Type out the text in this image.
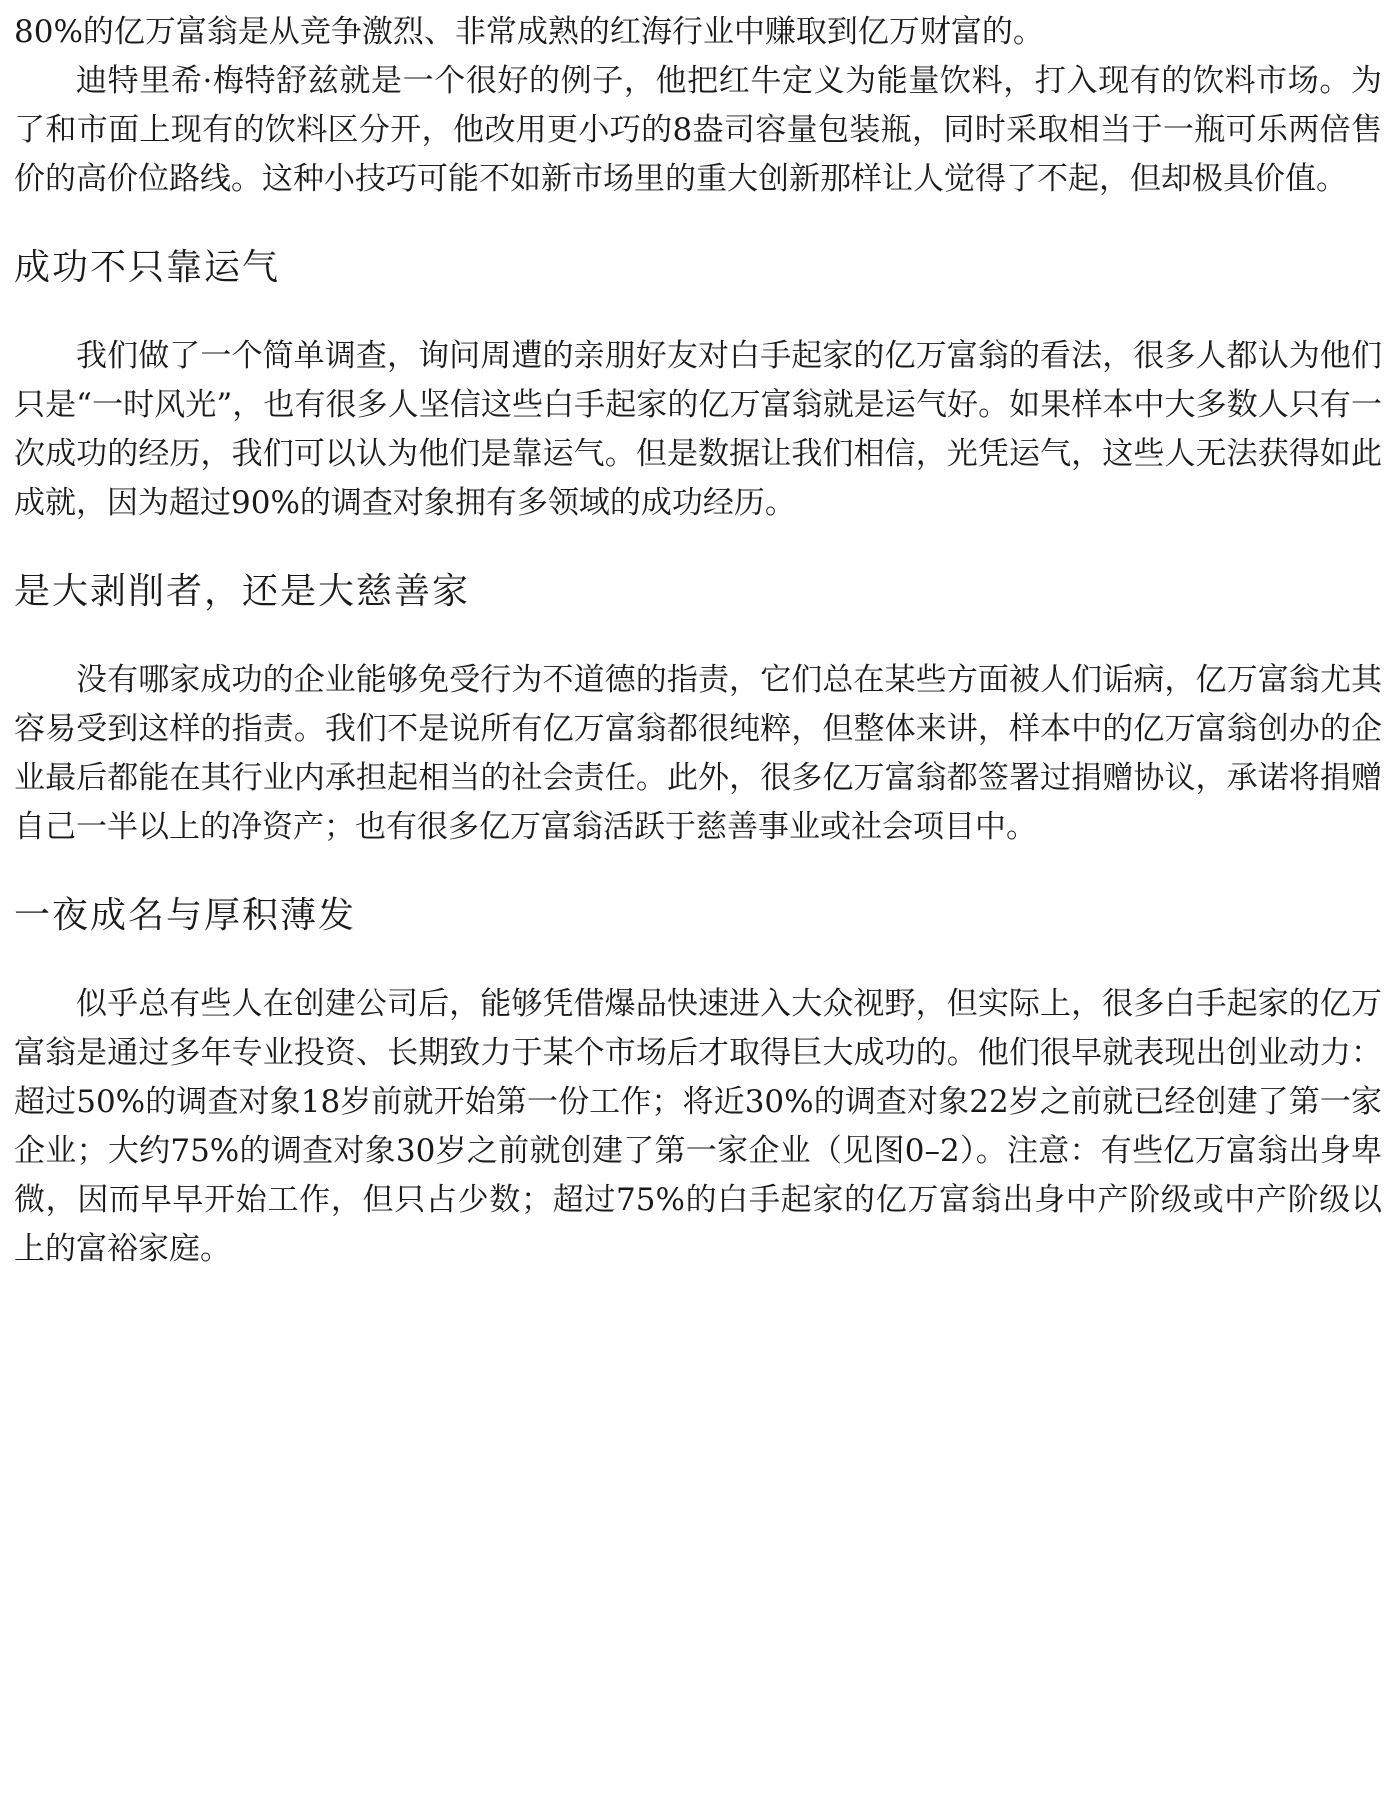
80%的亿万富翁是从竞争激烈、非常成熟的红海行业中赚取到亿万财富的。

迪特里希·梅特舒兹就是一个很好的例子，他把红牛定义为能量饮料，打入现有的饮料市场。为了和市面上现有的饮料区分开，他改用更小巧的8盎司容量包装瓶，同时采取相当于一瓶可乐两倍售价的高价位路线。这种小技巧可能不如新市场里的重大创新那样让人觉得了不起，但却极具价值。

成功不只靠运气

我们做了一个简单调查，询问周遭的亲朋好友对白手起家的亿万富翁的看法，很多人都认为他们只是“一时风光”，也有很多人坚信这些白手起家的亿万富翁就是运气好。如果样本中大多数人只有一次成功的经历，我们可以认为他们是靠运气。但是数据让我们相信，光凭运气，这些人无法获得如此成就，因为超过90%的调查对象拥有多领域的成功经历。

是大剥削者，还是大慈善家

没有哪家成功的企业能够免受行为不道德的指责，它们总在某些方面被人们诟病，亿万富翁尤其容易受到这样的指责。我们不是说所有亿万富翁都很纯粹，但整体来讲，样本中的亿万富翁创办的企业最后都能在其行业内承担起相当的社会责任。此外，很多亿万富翁都签署过捐赠协议，承诺将捐赠自己一半以上的净资产；也有很多亿万富翁活跃于慈善事业或社会项目中。

一夜成名与厚积薄发

似乎总有些人在创建公司后，能够凭借爆品快速进入大众视野，但实际上，很多白手起家的亿万富翁是通过多年专业投资、长期致力于某个市场后才取得巨大成功的。他们很早就表现出创业动力：超过50%的调查对象18岁前就开始第一份工作；将近30%的调查对象22岁之前就已经创建了第一家企业；大约75%的调查对象30岁之前就创建了第一家企业（见图0–2）。注意：有些亿万富翁出身卑微，因而早早开始工作，但只占少数；超过75%的白手起家的亿万富翁出身中产阶级或中产阶级以上的富裕家庭。
